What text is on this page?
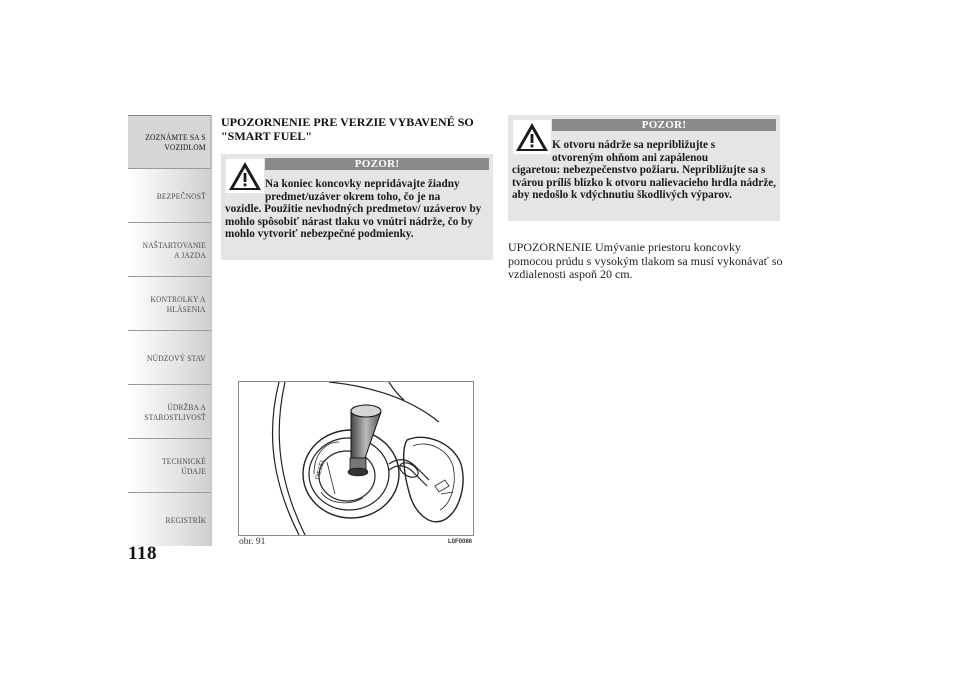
ZOZNÁMTE SA S
VOZIDLOM
BEZPEČNOSŤ
NAŠTARTOVANIE
A JAZDA
KONTROLKY A
HLÁSENIA
NÚDZOVÝ STAV
ÚDRŽBA A
STAROSTLIVOSŤ
TECHNICKÉ
ÚDAJE
REGISTRÍK
118
UPOZORNENIE PRE VERZIE VYBAVENÉ SO "SMART FUEL"
POZOR!
Na koniec koncovky nepridávajte žiadny
predmet/uzáver okrem toho, čo je na
vozidle. Použitie nevhodných predmetov/ uzáverov by mohlo spôsobiť nárast tlaku vo vnútri nádrže, čo by mohlo vytvoriť nebezpečné podmienky.
DIESEL
obr. 91	L0F0086
POZOR!
K otvoru nádrže sa nepribližujte s
otvoreným ohňom ani zapálenou
cigaretou: nebezpečenstvo požiaru. Nepribližujte sa s tvárou príliš blízko k otvoru nalievacieho hrdla nádrže, aby nedošlo k vdýchnutiu škodlivých výparov.
UPOZORNENIE Umývanie priestoru koncovky pomocou prúdu s vysokým tlakom sa musí vykonávať so vzdialenosti aspoň 20 cm.
